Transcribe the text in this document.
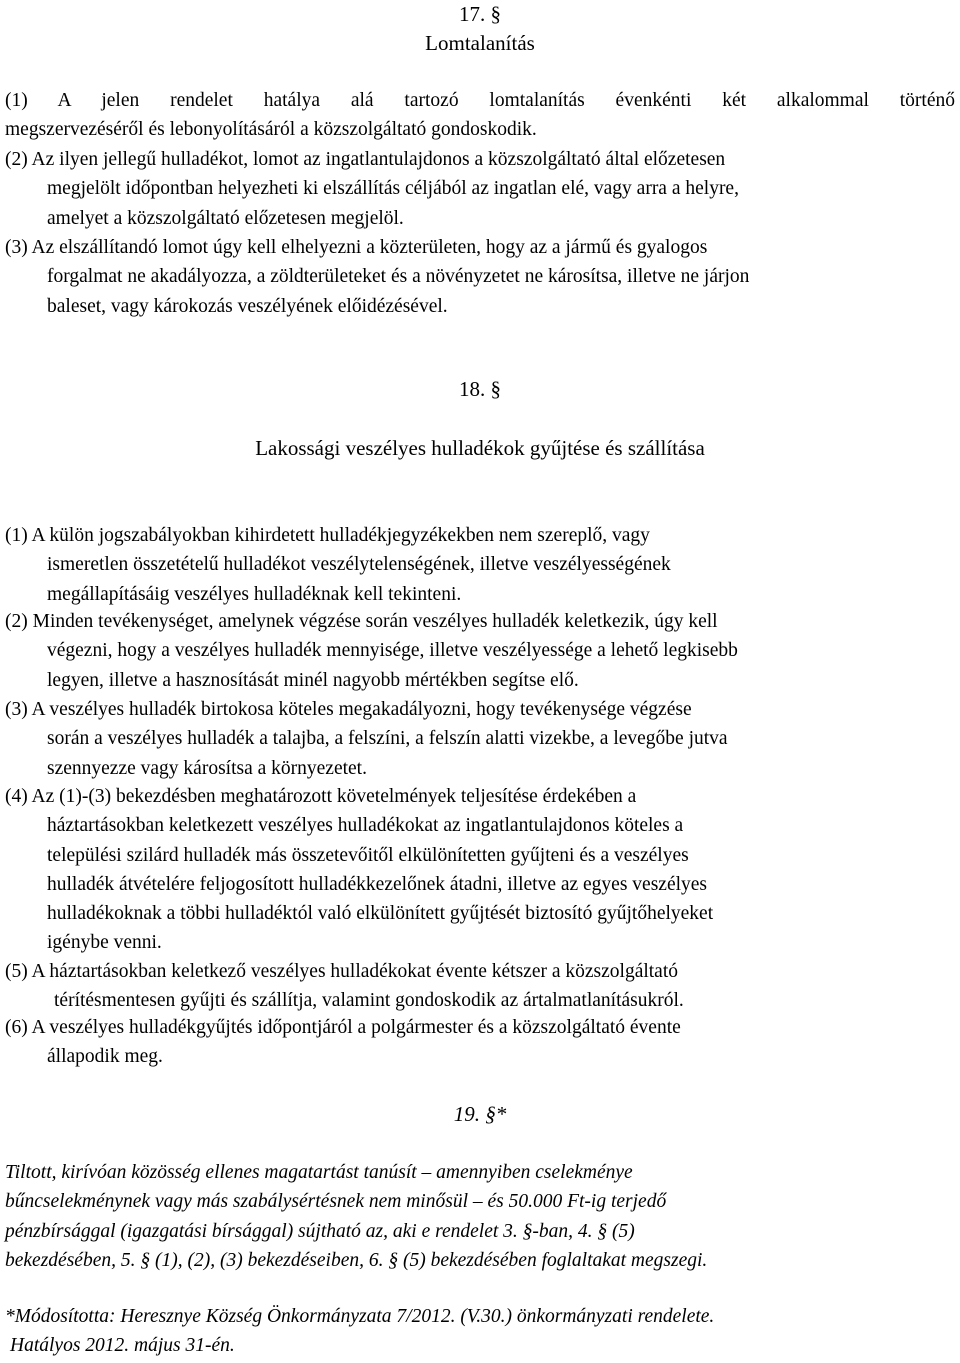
17. §
Lomtalanítás
(1) A jelen rendelet hatálya alá tartozó lomtalanítás évenkénti két alkalommal történő
megszervezéséről és lebonyolításáról a közszolgáltató gondoskodik.
(2) Az ilyen jellegű hulladékot, lomot az ingatlantulajdonos a közszolgáltató által előzetesen
megjelölt időpontban helyezheti ki elszállítás céljából az ingatlan elé, vagy arra a helyre,
amelyet a közszolgáltató előzetesen megjelöl.
(3) Az elszállítandó lomot úgy kell elhelyezni a közterületen, hogy az a jármű és gyalogos
forgalmat ne akadályozza, a zöldterületeket és a növényzetet ne károsítsa, illetve ne járjon
baleset, vagy károkozás veszélyének előidézésével.
18. §
Lakossági veszélyes hulladékok gyűjtése és szállítása
(1) A külön jogszabályokban kihirdetett hulladékjegyzékekben nem szereplő, vagy
ismeretlen összetételű hulladékot veszélytelenségének, illetve veszélyességének
megállapításáig veszélyes hulladéknak kell tekinteni.
(2) Minden tevékenységet, amelynek végzése során veszélyes hulladék keletkezik, úgy kell
végezni, hogy a veszélyes hulladék mennyisége, illetve veszélyessége a lehető legkisebb
legyen, illetve a hasznosítását minél nagyobb mértékben segítse elő.
(3) A veszélyes hulladék birtokosa köteles megakadályozni, hogy tevékenysége végzése
során a veszélyes hulladék a talajba, a felszíni, a felszín alatti vizekbe, a levegőbe jutva
szennyezze vagy károsítsa a környezetet.
(4) Az (1)-(3) bekezdésben meghatározott követelmények teljesítése érdekében a
háztartásokban keletkezett veszélyes hulladékokat az ingatlantulajdonos köteles a
települési szilárd hulladék más összetevőitől elkülönítetten gyűjteni és a veszélyes
hulladék átvételére feljogosított hulladékkezelőnek átadni, illetve az egyes veszélyes
hulladékoknak a többi hulladéktól való elkülönített gyűjtését biztosító gyűjtőhelyeket
igénybe venni.
(5) A háztartásokban keletkező veszélyes hulladékokat évente kétszer a közszolgáltató
térítésmentesen gyűjti és szállítja, valamint gondoskodik az ártalmatlanításukról.
(6) A veszélyes hulladékgyűjtés időpontjáról a polgármester és a közszolgáltató évente
állapodik meg.
19. §*
Tiltott, kirívóan közösség ellenes magatartást tanúsít – amennyiben cselekménye
bűncselekménynek vagy más szabálysértésnek nem minősül – és 50.000 Ft-ig terjedő
pénzbírsággal (igazgatási bírsággal) sújtható az, aki e rendelet 3. §-ban, 4. § (5)
bekezdésében, 5. § (1), (2), (3) bekezdéseiben, 6. § (5) bekezdésében foglaltakat megszegi.
*Módosította: Heresznye Község Önkormányzata 7/2012. (V.30.) önkormányzati rendelete.
Hatályos 2012. május 31-én.
